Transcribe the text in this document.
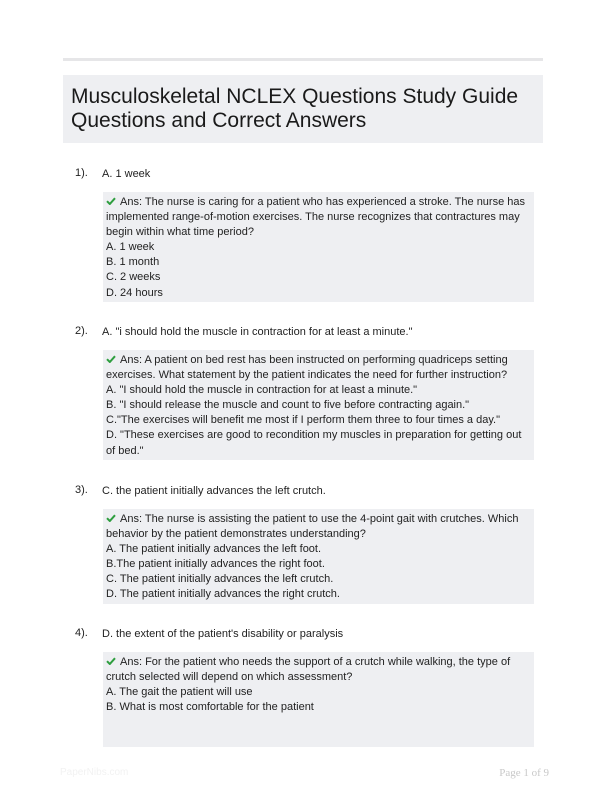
Musculoskeletal NCLEX Questions Study Guide Questions and Correct Answers
1). A. 1 week

Ans: The nurse is caring for a patient who has experienced a stroke. The nurse has implemented range-of-motion exercises. The nurse recognizes that contractures may begin within what time period?

A. 1 week

B. 1 month

C. 2 weeks

D. 24 hours

2). A. "i should hold the muscle in contraction for at least a minute."

Ans: A patient on bed rest has been instructed on performing quadriceps setting exercises. What statement by the patient indicates the need for further instruction?

A. "I should hold the muscle in contraction for at least a minute."

B. "I should release the muscle and count to five before contracting again."

C."The exercises will benefit me most if I perform them three to four times a day."

D. "These exercises are good to recondition my muscles in preparation for getting out of bed."

3). C. the patient initially advances the left crutch.

Ans: The nurse is assisting the patient to use the 4-point gait with crutches. Which behavior by the patient demonstrates understanding?

A. The patient initially advances the left foot.

B.The patient initially advances the right foot.

C. The patient initially advances the left crutch.

D. The patient initially advances the right crutch.

4). D. the extent of the patient's disability or paralysis

Ans: For the patient who needs the support of a crutch while walking, the type of crutch selected will depend on which assessment?

A. The gait the patient will use

B. What is most comfortable for the patient

PaperNibs.com	Page 1 of 9
